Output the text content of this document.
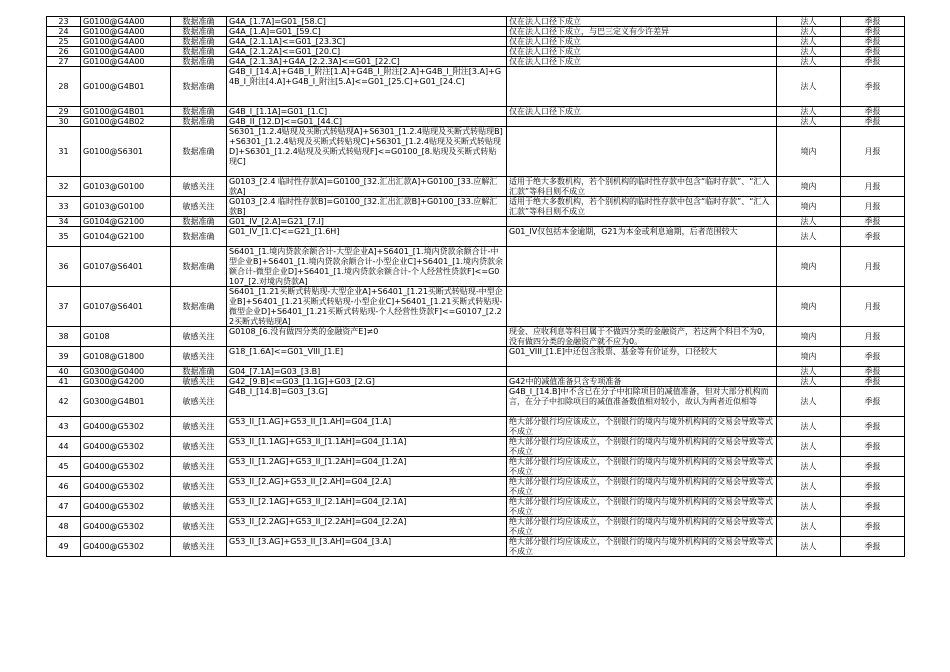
23	G0100@G4A00	数据准确	G4A_[1.7A]=G01_[58.C]	仅在法人口径下成立	法人	季报

24	G0100@G4A00	数据准确	G4A_[1.A]=G01_[59.C]	仅在法人口径下成立，与巴三定义有少许差异	法人	季报

25	G0100@G4A00	数据准确	G4A_[2.1.1A]<=G01_[23.3C]	仅在法人口径下成立	法人	季报

26	G0100@G4A00	数据准确	G4A_[2.1.2A]<=G01_[20.C]	仅在法人口径下成立	法人	季报

27	G0100@G4A00	数据准确	G4A_[2.1.3A]+G4A_[2.2.3A]<=G01_[22.C]	仅在法人口径下成立	法人	季报

28	G0100@G4B01	数据准确	G4B_I_[14.A]+G4B_I_附注[1.A]+G4B_I_附注[2.A]+G4B_I_附注[3.A]+G4B_I_附注[4.A]+G4B_I_附注[5.A]<=G01_[25.C]+G01_[24.C]		法人	季报

29	G0100@G4B01	数据准确	G4B_I_[1.1A]=G01_[1.C]	仅在法人口径下成立	法人	季报

30	G0100@G4B02	数据准确	G4B_II_[12.D]<=G01_[44.C]		法人	季报

31	G0100@S6301	数据准确	S6301_[1.2.4贴现及买断式转贴现A]+S6301_[1.2.4贴现及买断式转贴现B]+S6301_[1.2.4贴现及买断式转贴现C]+S6301_[1.2.4贴现及买断式转贴现D]+S6301_[1.2.4贴现及买断式转贴现F]<=G0100_[8.贴现及买断式转贴现C]		境内	月报

32	G0103@G0100	敏感关注	G0103_[2.4 临时性存款A]=G0100_[32.汇出汇款A]+G0100_[33.应解汇款A]	适用于绝大多数机构，若个别机构的临时性存款中包含“临时存款”、“汇入汇款”等科目则不成立	境内	月报

33	G0103@G0100	敏感关注	G0103_[2.4 临时性存款B]=G0100_[32.汇出汇款B]+G0100_[33.应解汇款B]	适用于绝大多数机构，若个别机构的临时性存款中包含“临时存款”、“汇入汇款”等科目则不成立	境内	月报

34	G0104@G2100	数据准确	G01_IV_[2.A]=G21_[7.I]		法人	季报

35	G0104@G2100	数据准确	G01_IV_[1.C]<=G21_[1.6H]	G01_IV仅包括本金逾期，G21为本金或利息逾期，后者范围较大	法人	季报

36	G0107@S6401	数据准确	S6401_[1.境内贷款余额合计-大型企业A]+S6401_[1.境内贷款余额合计-中型企业B]+S6401_[1.境内贷款余额合计-小型企业C]+S6401_[1.境内贷款余额合计-微型企业D]+S6401_[1.境内贷款余额合计-个人经营性贷款F]<=G0107_[2.对境内贷款A]		境内	月报

37	G0107@S6401	数据准确	S6401_[1.21买断式转贴现-大型企业A]+S6401_[1.21买断式转贴现-中型企业B]+S6401_[1.21买断式转贴现-小型企业C]+S6401_[1.21买断式转贴现-微型企业D]+S6401_[1.21买断式转贴现-个人经营性贷款F]<=G0107_[2.22买断式转贴现A]		境内	月报

38	G0108	敏感关注	G0108_[6.没有做四分类的金融资产E]≠0	现金、应收利息等科目属于不做四分类的金融资产，若这两个科目不为0，没有做四分类的金融资产就不应为0。	境内	月报

39	G0108@G1800	敏感关注	G18_[1.6A]<=G01_VIII_[1.E]	G01_VIII_[1.E]中还包含股票、基金等有价证券，口径较大	境内	季报

40	G0300@G0400	数据准确	G04_[7.1A]=G03_[3.B]		法人	季报

41	G0300@G4200	敏感关注	G42_[9.B]<=G03_[1.1G]+G03_[2.G]	G42中的减值准备只含专项准备	法人	季报

42	G0300@G4B01	敏感关注	G4B_I_[14.B]=G03_[3.G]	G4B_I_[14.B]中不含已在分子中扣除项目的减值准备，但对大部分机构而言，在分子中扣除项目的减值准备数值相对较小，故认为两者近似相等	法人	季报

43	G0400@G5302	敏感关注	G53_II_[1.AG]+G53_II_[1.AH]=G04_[1.A]	绝大部分银行均应该成立，个别银行的境内与境外机构间的交易会导致等式不成立	法人	季报

44	G0400@G5302	敏感关注	G53_II_[1.1AG]+G53_II_[1.1AH]=G04_[1.1A]	绝大部分银行均应该成立，个别银行的境内与境外机构间的交易会导致等式不成立	法人	季报

45	G0400@G5302	敏感关注	G53_II_[1.2AG]+G53_II_[1.2AH]=G04_[1.2A]	绝大部分银行均应该成立，个别银行的境内与境外机构间的交易会导致等式不成立	法人	季报

46	G0400@G5302	敏感关注	G53_II_[2.AG]+G53_II_[2.AH]=G04_[2.A]	绝大部分银行均应该成立，个别银行的境内与境外机构间的交易会导致等式不成立	法人	季报

47	G0400@G5302	敏感关注	G53_II_[2.1AG]+G53_II_[2.1AH]=G04_[2.1A]	绝大部分银行均应该成立，个别银行的境内与境外机构间的交易会导致等式不成立	法人	季报

48	G0400@G5302	敏感关注	G53_II_[2.2AG]+G53_II_[2.2AH]=G04_[2.2A]	绝大部分银行均应该成立，个别银行的境内与境外机构间的交易会导致等式不成立	法人	季报

49	G0400@G5302	敏感关注	G53_II_[3.AG]+G53_II_[3.AH]=G04_[3.A]	绝大部分银行均应该成立，个别银行的境内与境外机构间的交易会导致等式不成立	法人	季报
